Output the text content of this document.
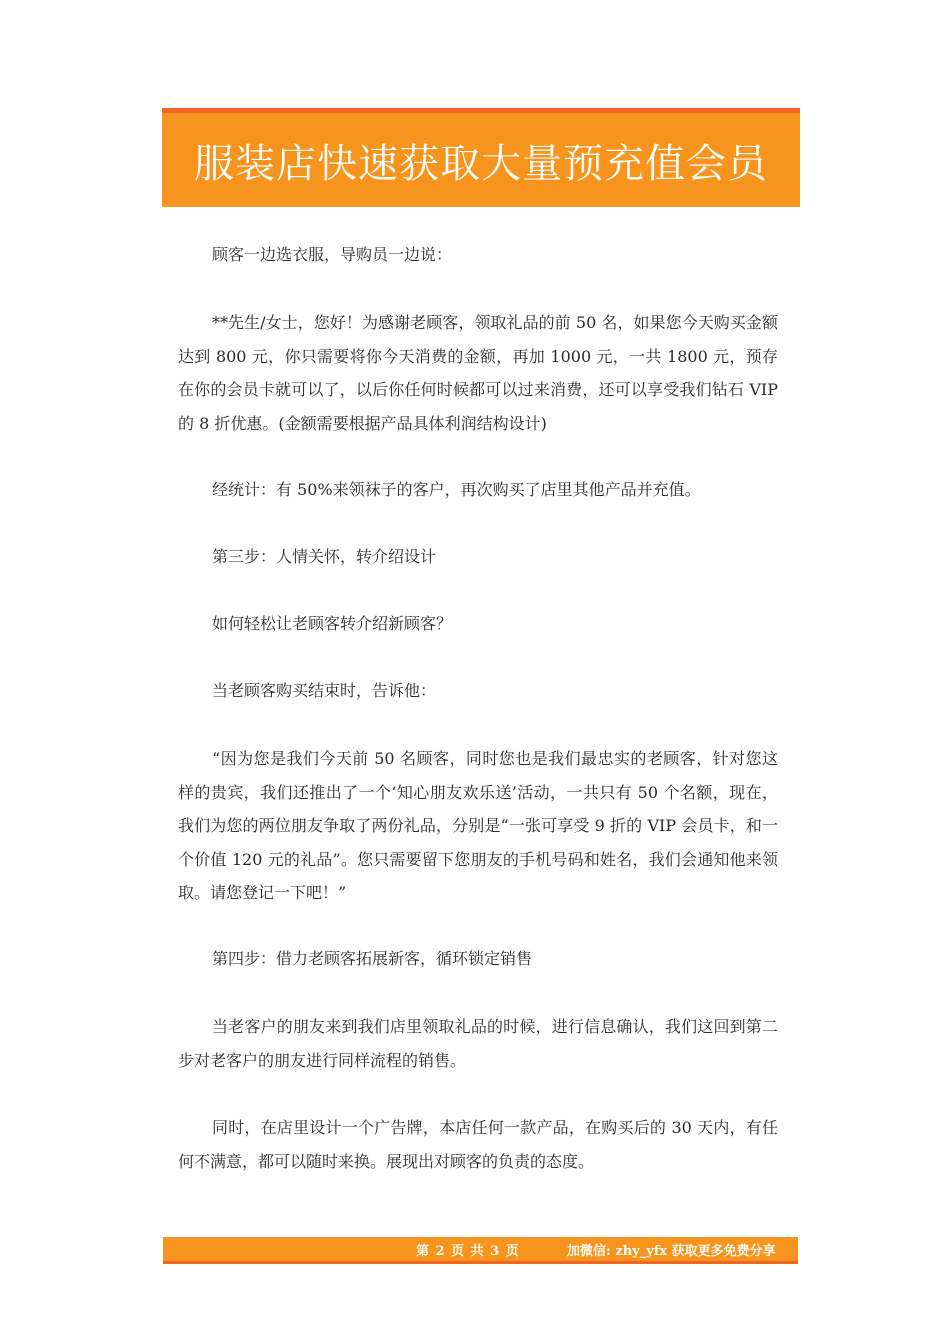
服装店快速获取大量预充值会员

顾客一边选衣服，导购员一边说：

**先生/女士，您好！为感谢老顾客，领取礼品的前 50 名，如果您今天购买金额达到 800 元，你只需要将你今天消费的金额，再加 1000 元，一共 1800 元，预存在你的会员卡就可以了，以后你任何时候都可以过来消费，还可以享受我们钻石 VIP 的 8 折优惠。(金额需要根据产品具体利润结构设计)

经统计：有 50%来领袜子的客户，再次购买了店里其他产品并充值。

第三步：人情关怀，转介绍设计

如何轻松让老顾客转介绍新顾客？

当老顾客购买结束时，告诉他：

“因为您是我们今天前 50 名顾客，同时您也是我们最忠实的老顾客，针对您这样的贵宾，我们还推出了一个‘知心朋友欢乐送’活动，一共只有 50 个名额，现在，我们为您的两位朋友争取了两份礼品，分别是“一张可享受 9 折的 VIP 会员卡，和一个价值 120 元的礼品”。您只需要留下您朋友的手机号码和姓名，我们会通知他来领取。请您登记一下吧！”

第四步：借力老顾客拓展新客，循环锁定销售

当老客户的朋友来到我们店里领取礼品的时候，进行信息确认，我们这回到第二步对老客户的朋友进行同样流程的销售。

同时，在店里设计一个广告牌，本店任何一款产品，在购买后的 30 天内，有任何不满意，都可以随时来换。展现出对顾客的负责的态度。

第 2 页 共 3 页	加微信: zhy_yfx 获取更多免费分享
